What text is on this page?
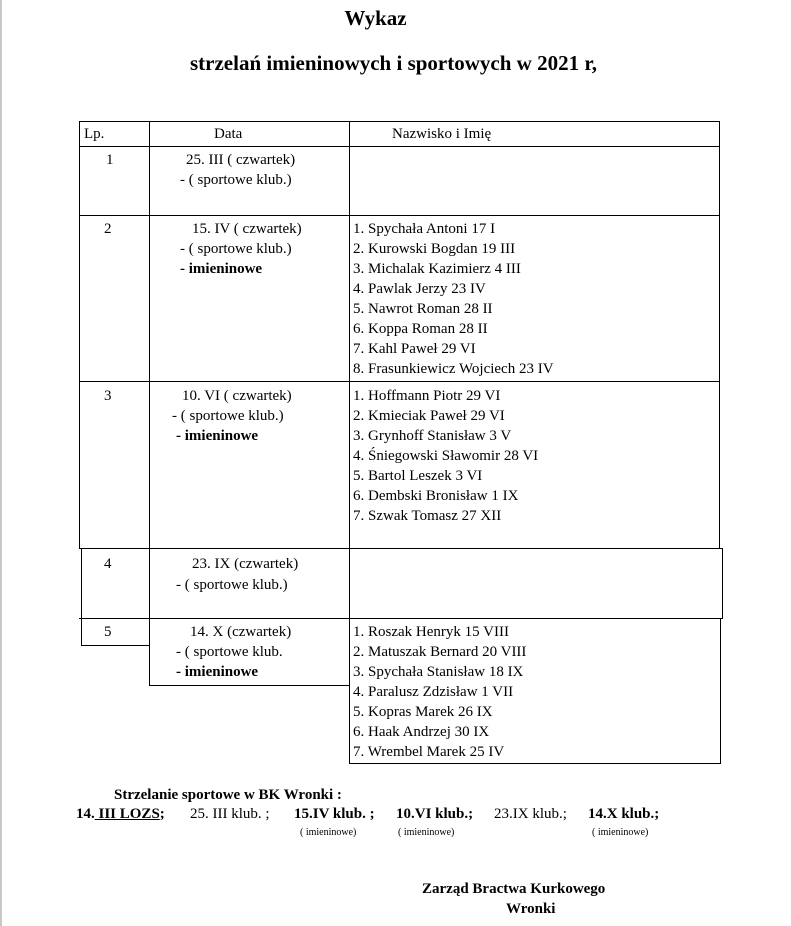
Wykaz
strzelań imieninowych i sportowych w 2021 r,
Lp.	Data	Nazwisko i Imię
1	25. III ( czwartek)
- ( sportowe klub.)
2	15. IV ( czwartek)
- ( sportowe klub.)
- imieninowe
1. Spychała Antoni 17 I
2. Kurowski Bogdan 19 III
3. Michalak Kazimierz 4 III
4. Pawlak Jerzy 23 IV
5. Nawrot Roman 28 II
6. Koppa Roman 28 II
7. Kahl Paweł 29 VI
8. Frasunkiewicz Wojciech 23 IV
3	10. VI ( czwartek)
- ( sportowe klub.)
- imieninowe
1. Hoffmann Piotr 29 VI
2. Kmieciak Paweł 29 VI
3. Grynhoff Stanisław 3 V
4. Śniegowski Sławomir 28 VI
5. Bartol Leszek 3 VI
6. Dembski Bronisław 1 IX
7. Szwak Tomasz 27 XII
4	23. IX (czwartek)
- ( sportowe klub.)
5	14. X (czwartek)
- ( sportowe klub.
- imieninowe
1. Roszak Henryk 15 VIII
2. Matuszak Bernard 20 VIII
3. Spychała Stanisław 18 IX
4. Paralusz Zdzisław 1 VII
5. Kopras Marek 26 IX
6. Haak Andrzej 30 IX
7. Wrembel Marek 25 IV
Strzelanie sportowe w BK Wronki :
14. III LOZS; 25. III klub. ; 15.IV klub. ; 10.VI klub.; 23.IX klub.; 14.X klub.;
( imieninowe)	( imieninowe)	( imieninowe)
Zarząd Bractwa Kurkowego
Wronki
